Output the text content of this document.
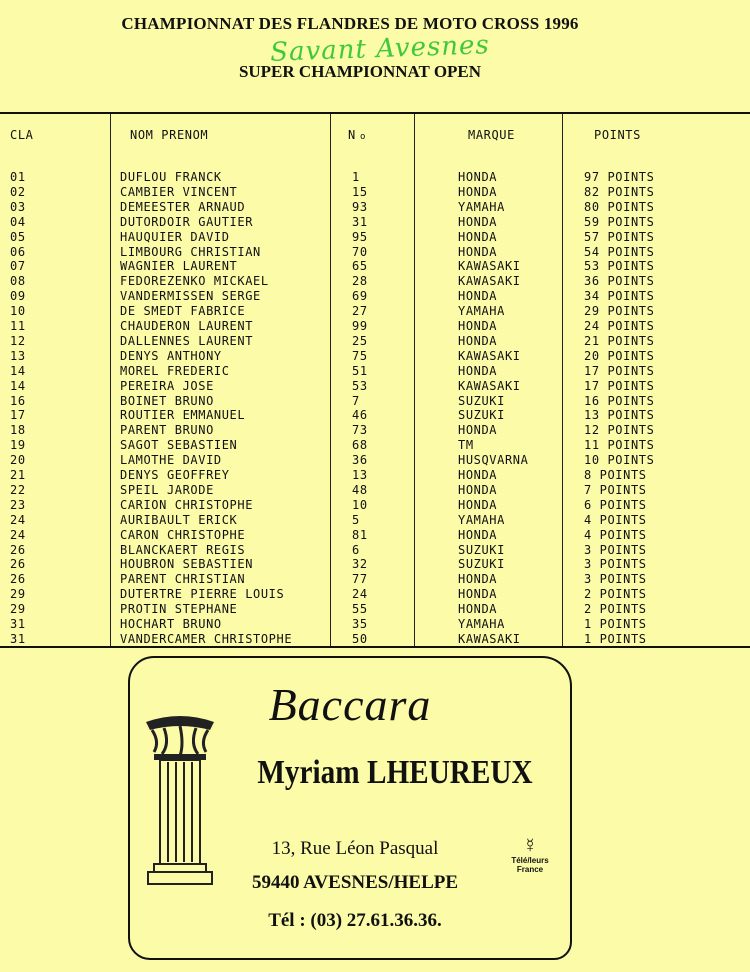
CHAMPIONNAT DES FLANDRES DE MOTO CROSS 1996
Savant Avesnes
SUPER CHAMPIONNAT OPEN

CLA

	NOM PRENOM

	N

o

	MARQUE

	POINTS

01	DUFLOU FRANCK	1	HONDA	97 POINTS
02	CAMBIER VINCENT	15	HONDA	82 POINTS
03	DEMEESTER ARNAUD	93	YAMAHA	80 POINTS
04	DUTORDOIR GAUTIER	31	HONDA	59 POINTS
05	HAUQUIER DAVID	95	HONDA	57 POINTS
06	LIMBOURG CHRISTIAN	70	HONDA	54 POINTS
07	WAGNIER LAURENT	65	KAWASAKI	53 POINTS
08	FEDOREZENKO MICKAEL	28	KAWASAKI	36 POINTS
09	VANDERMISSEN SERGE	69	HONDA	34 POINTS
10	DE SMEDT FABRICE	27	YAMAHA	29 POINTS
11	CHAUDERON LAURENT	99	HONDA	24 POINTS
12	DALLENNES LAURENT	25	HONDA	21 POINTS
13	DENYS ANTHONY	75	KAWASAKI	20 POINTS
14	MOREL FREDERIC	51	HONDA	17 POINTS
14	PEREIRA JOSE	53	KAWASAKI	17 POINTS
16	BOINET BRUNO	7	SUZUKI	16 POINTS
17	ROUTIER EMMANUEL	46	SUZUKI	13 POINTS
18	PARENT BRUNO	73	HONDA	12 POINTS
19	SAGOT SEBASTIEN	68	TM	11 POINTS
20	LAMOTHE DAVID	36	HUSQVARNA	10 POINTS
21	DENYS GEOFFREY	13	HONDA	8 POINTS
22	SPEIL JARODE	48	HONDA	7 POINTS
23	CARION CHRISTOPHE	10	HONDA	6 POINTS
24	AURIBAULT ERICK	5	YAMAHA	4 POINTS
24	CARON CHRISTOPHE	81	HONDA	4 POINTS
26	BLANCKAERT REGIS	6	SUZUKI	3 POINTS
26	HOUBRON SEBASTIEN	32	SUZUKI	3 POINTS
26	PARENT CHRISTIAN	77	HONDA	3 POINTS
29	DUTERTRE PIERRE LOUIS	24	HONDA	2 POINTS
29	PROTIN STEPHANE	55	HONDA	2 POINTS
31	HOCHART BRUNO	35	YAMAHA	1 POINTS
31	VANDERCAMER CHRISTOPHE	50	KAWASAKI	1 POINTS
Baccara
Myriam LHEUREUX
13, Rue Léon Pasqual
59440 AVESNES/HELPE
Tél : (03) 27.61.36.36.
☿
Télé/leurs
France
